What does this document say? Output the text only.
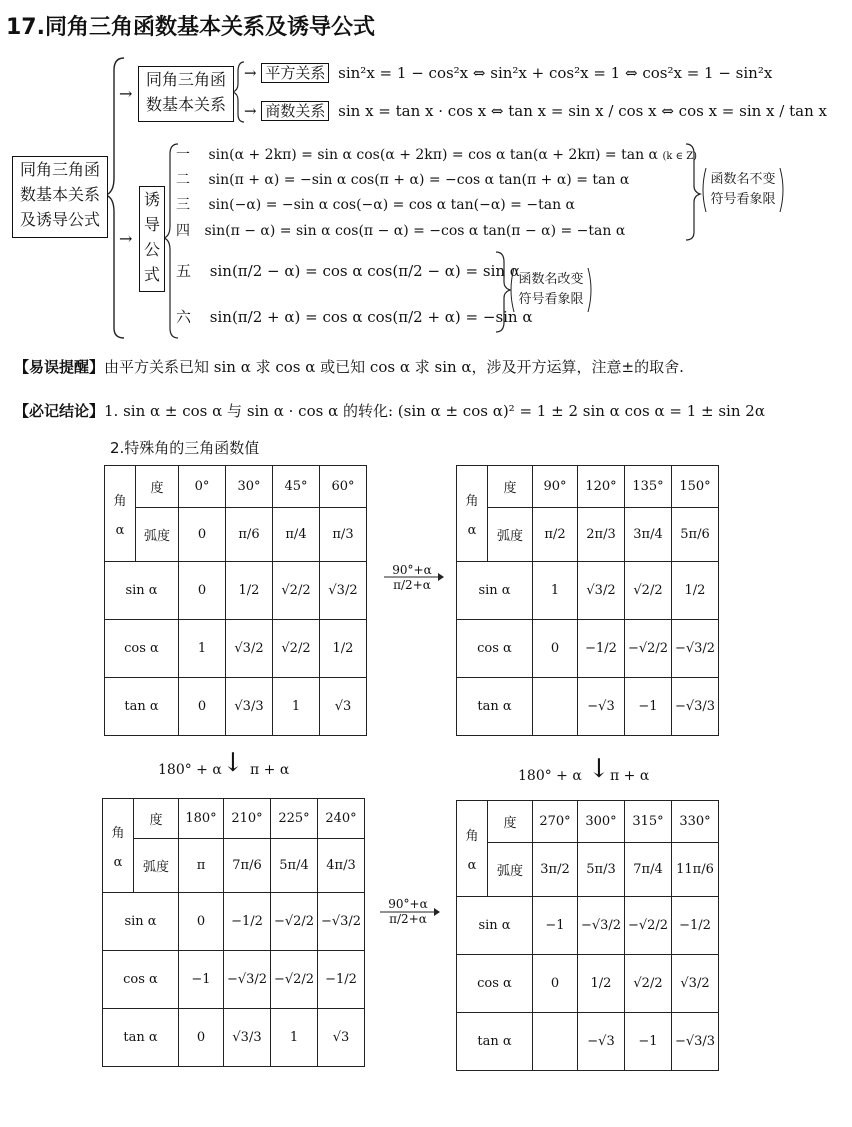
17.同角三角函数基本关系及诱导公式
同角三角函
数基本关系
及诱导公式
→
→
同角三角函
数基本关系
诱
导
公
式
→ 平方关系 sin²x = 1 − cos²x ⇔ sin²x + cos²x = 1 ⇔ cos²x = 1 − sin²x
→ 商数关系 sin x = tan x · cos x ⇔ tan x = sin x / cos x ⇔ cos x = sin x / tan x
一 sin(α + 2kπ) = sin α cos(α + 2kπ) = cos α tan(α + 2kπ) = tan α (k ∈ Z)
二 sin(π + α) = −sin α cos(π + α) = −cos α tan(π + α) = tan α
三 sin(−α) = −sin α cos(−α) = cos α tan(−α) = −tan α
四 sin(π − α) = sin α cos(π − α) = −cos α tan(π − α) = −tan α
五 sin(π/2 − α) = cos α cos(π/2 − α) = sin α
六 sin(π/2 + α) = cos α cos(π/2 + α) = −sin α
函数名不变
符号看象限
函数名改变
符号看象限
【易误提醒】由平方关系已知 sin α 求 cos α 或已知 cos α 求 sin α，涉及开方运算，注意±的取舍.
【必记结论】1. sin α ± cos α 与 sin α · cos α 的转化: (sin α ± cos α)² = 1 ± 2 sin α cos α = 1 ± sin 2α
2.特殊角的三角函数值
角
α	度	0°	30°	45°	60°
	弧度	0	π/6	π/4	π/3
sin α		0	1/2	√2/2	√3/2
cos α		1	√3/2	√2/2	1/2
tan α		0	√3/3	1	√3
角
α	度	90°	120°	135°	150°
	弧度	π/2	2π/3	3π/4	5π/6
sin α		1	√3/2	√2/2	1/2
cos α		0	−1/2	−√2/2	−√3/2
tan α			−√3	−1	−√3/3
角
α	度	180°	210°	225°	240°
	弧度	π	7π/6	5π/4	4π/3
sin α		0	−1/2	−√2/2	−√3/2
cos α		−1	−√3/2	−√2/2	−1/2
tan α		0	√3/3	1	√3
角
α	度	270°	300°	315°	330°
	弧度	3π/2	5π/3	7π/4	11π/6
sin α		−1	−√3/2	−√2/2	−1/2
cos α		0	1/2	√2/2	√3/2
tan α			−√3	−1	−√3/3
90°+α
π/2+α
90°+α
π/2+α
180° + α ↓ π + α	180° + α ↓ π + α
